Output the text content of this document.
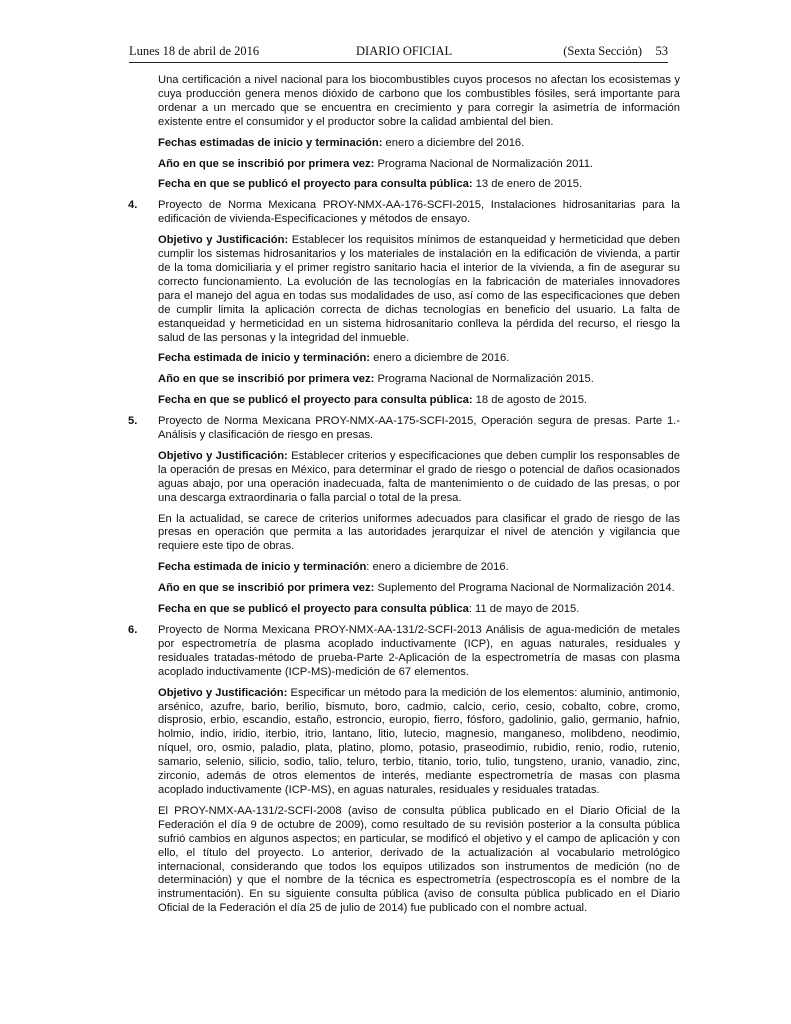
Lunes 18 de abril de 2016	DIARIO OFICIAL	(Sexta Sección) 53

Una certificación a nivel nacional para los biocombustibles cuyos procesos no afectan los ecosistemas y cuya producción genera menos dióxido de carbono que los combustibles fósiles, será importante para ordenar a un mercado que se encuentra en crecimiento y para corregir la asimetría de información existente entre el consumidor y el productor sobre la calidad ambiental del bien.

Fechas estimadas de inicio y terminación: enero a diciembre del 2016.

Año en que se inscribió por primera vez: Programa Nacional de Normalización 2011.

Fecha en que se publicó el proyecto para consulta pública: 13 de enero de 2015.

4. Proyecto de Norma Mexicana PROY-NMX-AA-176-SCFI-2015, Instalaciones hidrosanitarias para la edificación de vivienda-Especificaciones y métodos de ensayo.

Objetivo y Justificación: Establecer los requisitos mínimos de estanqueidad y hermeticidad que deben cumplir los sistemas hidrosanitarios y los materiales de instalación en la edificación de vivienda, a partir de la toma domiciliaria y el primer registro sanitario hacia el interior de la vivienda, a fin de asegurar su correcto funcionamiento. La evolución de las tecnologías en la fabricación de materiales innovadores para el manejo del agua en todas sus modalidades de uso, así como de las especificaciones que deben de cumplir limita la aplicación correcta de dichas tecnologías en beneficio del usuario. La falta de estanqueidad y hermeticidad en un sistema hidrosanitario conlleva la pérdida del recurso, el riesgo la salud de las personas y la integridad del inmueble.

Fecha estimada de inicio y terminación: enero a diciembre de 2016.

Año en que se inscribió por primera vez: Programa Nacional de Normalización 2015.

Fecha en que se publicó el proyecto para consulta pública: 18 de agosto de 2015.

5. Proyecto de Norma Mexicana PROY-NMX-AA-175-SCFI-2015, Operación segura de presas. Parte 1.- Análisis y clasificación de riesgo en presas.

Objetivo y Justificación: Establecer criterios y especificaciones que deben cumplir los responsables de la operación de presas en México, para determinar el grado de riesgo o potencial de daños ocasionados aguas abajo, por una operación inadecuada, falta de mantenimiento o de cuidado de las presas, o por una descarga extraordinaria o falla parcial o total de la presa.

En la actualidad, se carece de criterios uniformes adecuados para clasificar el grado de riesgo de las presas en operación que permita a las autoridades jerarquizar el nivel de atención y vigilancia que requiere este tipo de obras.

Fecha estimada de inicio y terminación: enero a diciembre de 2016.

Año en que se inscribió por primera vez: Suplemento del Programa Nacional de Normalización 2014.

Fecha en que se publicó el proyecto para consulta pública: 11 de mayo de 2015.

6. Proyecto de Norma Mexicana PROY-NMX-AA-131/2-SCFI-2013 Análisis de agua-medición de metales por espectrometría de plasma acoplado inductivamente (ICP), en aguas naturales, residuales y residuales tratadas-método de prueba-Parte 2-Aplicación de la espectrometría de masas con plasma acoplado inductivamente (ICP-MS)-medición de 67 elementos.

Objetivo y Justificación: Especificar un método para la medición de los elementos: aluminio, antimonio, arsénico, azufre, bario, berilio, bismuto, boro, cadmio, calcio, cerio, cesio, cobalto, cobre, cromo, disprosio, erbio, escandio, estaño, estroncio, europio, fierro, fósforo, gadolinio, galio, germanio, hafnio, holmio, indio, iridio, iterbio, itrio, lantano, litio, lutecio, magnesio, manganeso, molibdeno, neodimio, níquel, oro, osmio, paladio, plata, platino, plomo, potasio, praseodimio, rubidio, renio, rodio, rutenio, samario, selenio, silicio, sodio, talio, teluro, terbio, titanio, torio, tulio, tungsteno, uranio, vanadio, zinc, zirconio, además de otros elementos de interés, mediante espectrometría de masas con plasma acoplado inductivamente (ICP-MS), en aguas naturales, residuales y residuales tratadas.

El PROY-NMX-AA-131/2-SCFI-2008 (aviso de consulta pública publicado en el Diario Oficial de la Federación el día 9 de octubre de 2009), como resultado de su revisión posterior a la consulta pública sufrió cambios en algunos aspectos; en particular, se modificó el objetivo y el campo de aplicación y con ello, el título del proyecto. Lo anterior, derivado de la actualización al vocabulario metrológico internacional, considerando que todos los equipos utilizados son instrumentos de medición (no de determinación) y que el nombre de la técnica es espectrometría (espectroscopía es el nombre de la instrumentación). En su siguiente consulta pública (aviso de consulta pública publicado en el Diario Oficial de la Federación el día 25 de julio de 2014) fue publicado con el nombre actual.
